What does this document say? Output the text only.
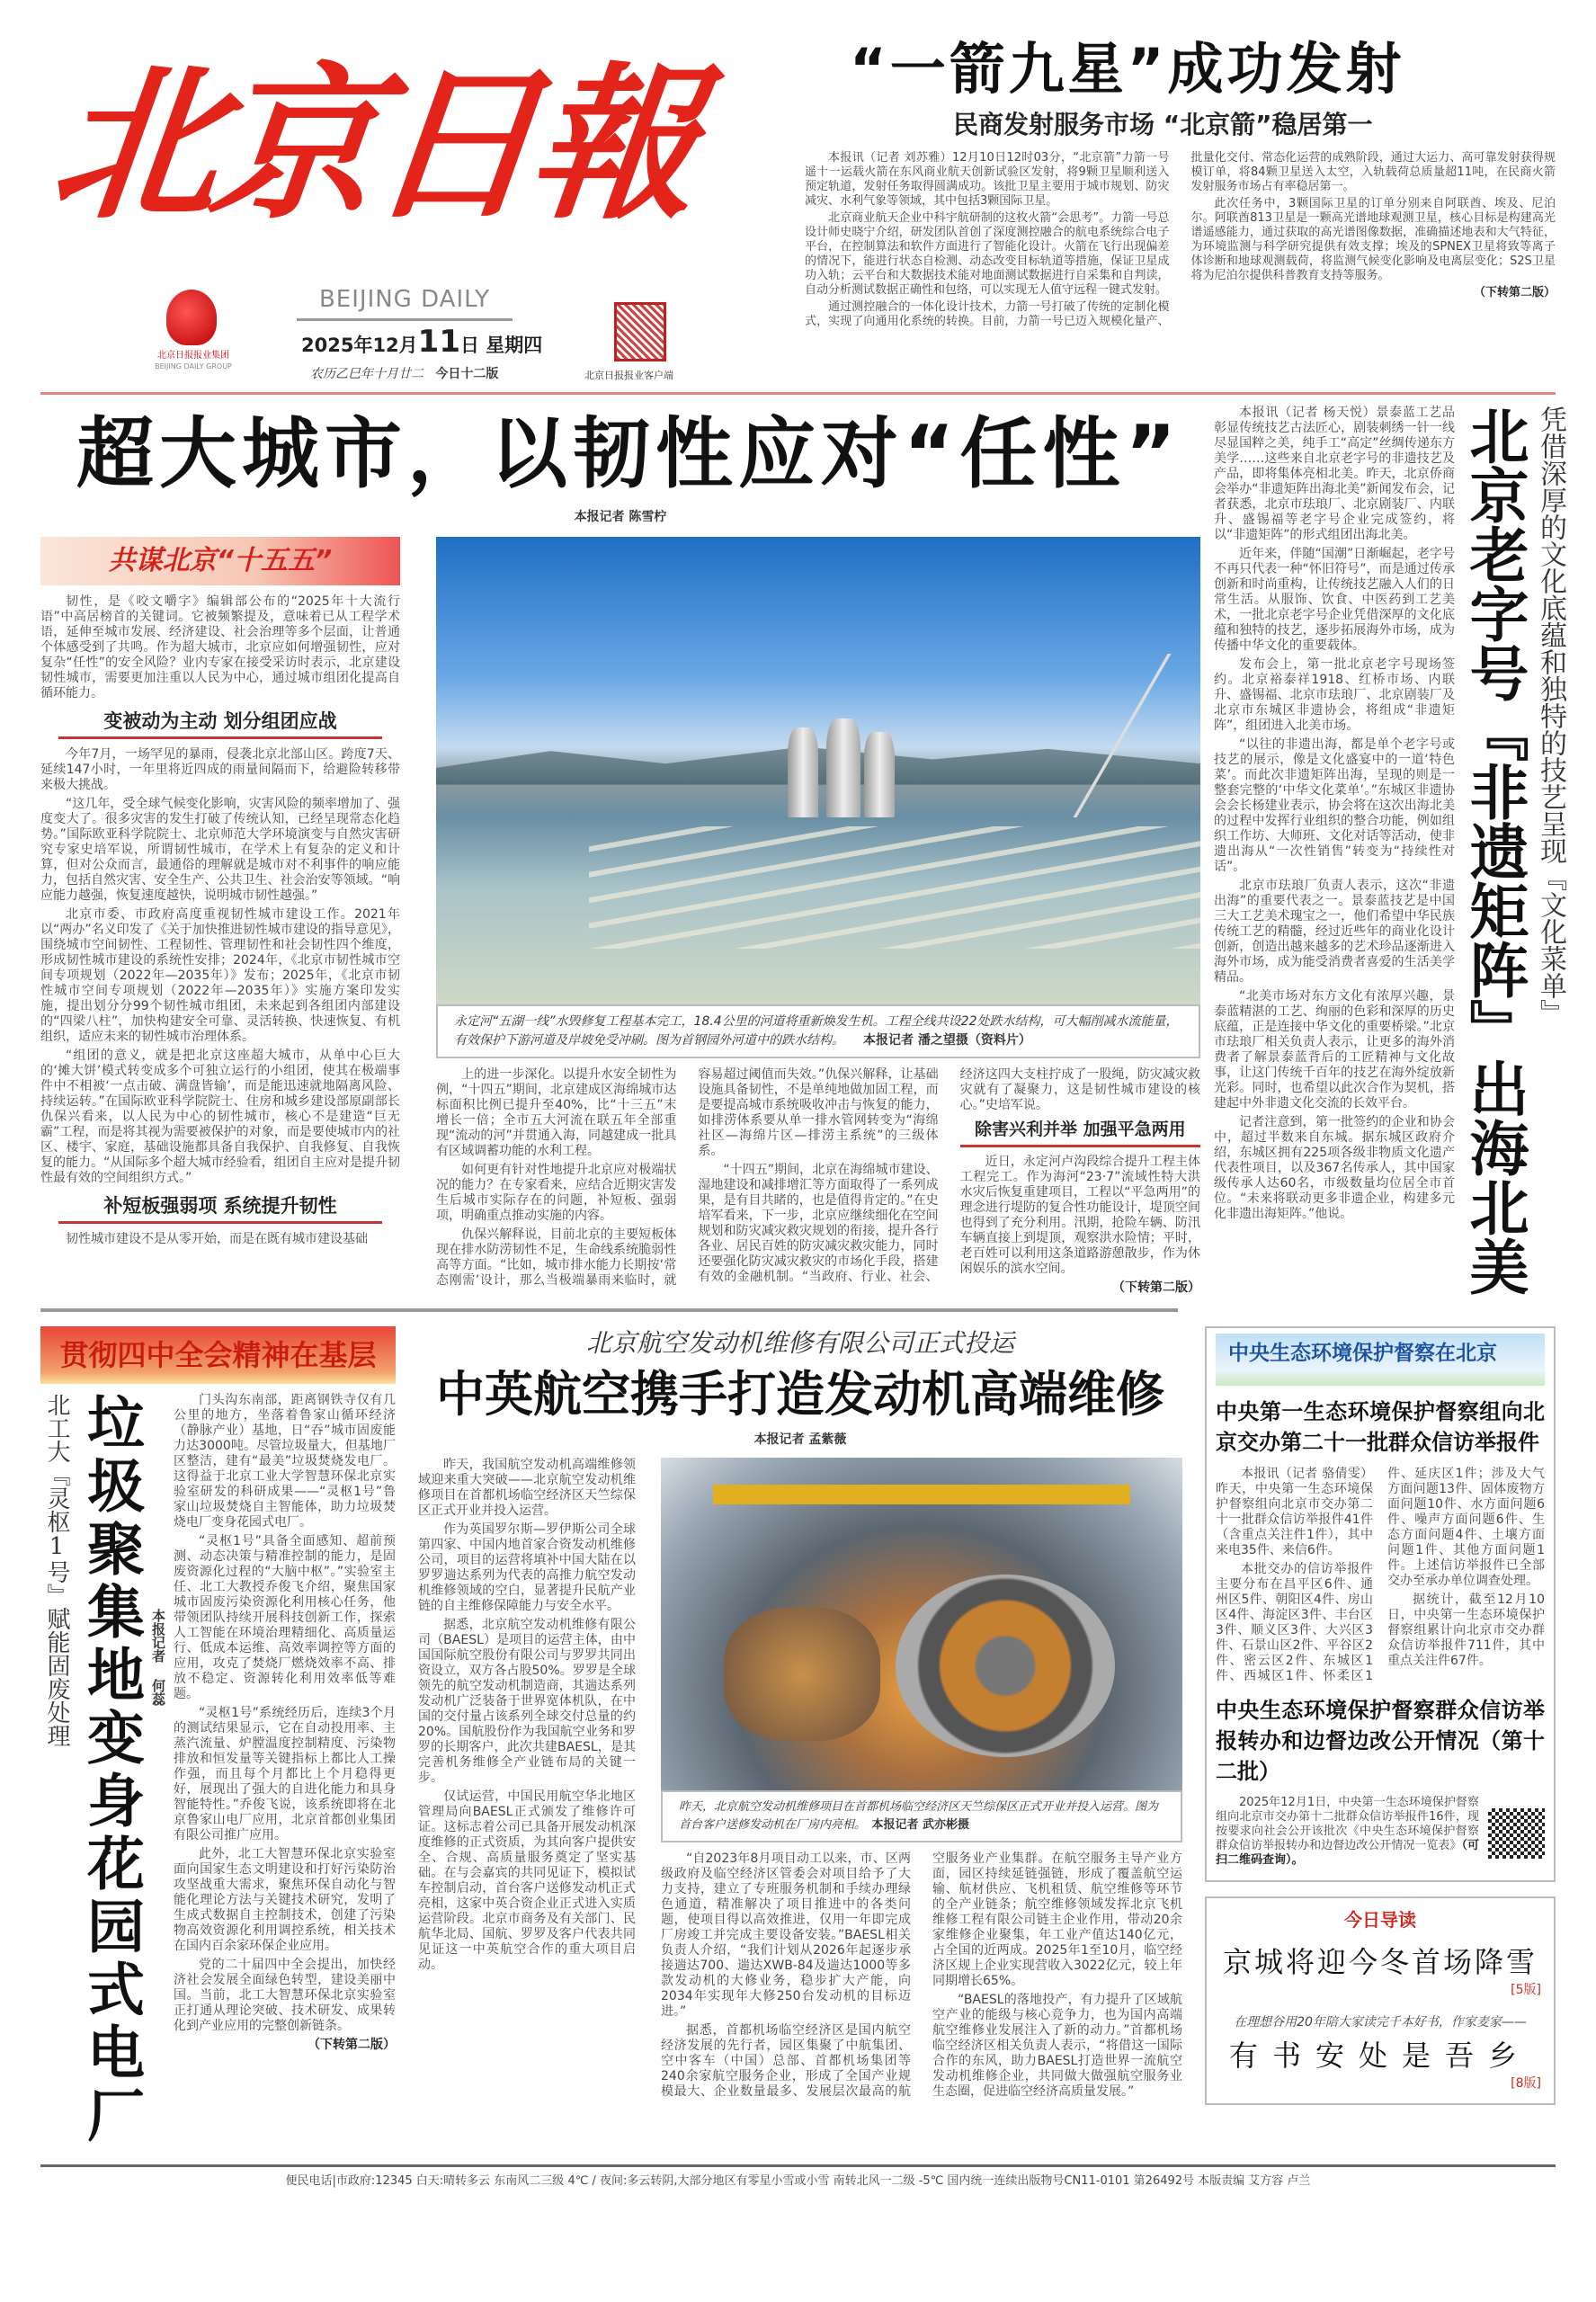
北京日報
北京日报报业集团
BEIJING DAILY GROUP
BEIJING DAILY
2025年12月11日 星期四
农历乙巳年十月廿二 今日十二版	北京日报报业客户端
“一箭九星”成功发射
民商发射服务市场 “北京箭”稳居第一

本报讯（记者 刘苏雅）12月10日12时03分，“北京箭”力箭一号遥十一运载火箭在东风商业航天创新试验区发射，将9颗卫星顺利送入预定轨道，发射任务取得圆满成功。该批卫星主要用于城市规划、防灾减灾、水利气象等领域，其中包括3颗国际卫星。

北京商业航天企业中科宇航研制的这枚火箭“会思考”。力箭一号总设计师史晓宁介绍，研发团队首创了深度测控融合的航电系统综合电子平台，在控制算法和软件方面进行了智能化设计。火箭在飞行出现偏差的情况下，能进行状态自检测、动态改变目标轨道等措施，保证卫星成功入轨；云平台和大数据技术能对地面测试数据进行自采集和自判读，自动分析测试数据正确性和包络，可以实现无人值守远程一键式发射。

通过测控融合的一体化设计技术，力箭一号打破了传统的定制化模式，实现了向通用化系统的转换。目前，力箭一号已迈入规模化量产、批量化交付、常态化运营的成熟阶段，通过大运力、高可靠发射获得规模订单，将84颗卫星送入太空，入轨载荷总质量超11吨，在民商火箭发射服务市场占有率稳居第一。

此次任务中，3颗国际卫星的订单分别来自阿联酋、埃及、尼泊尔。阿联酋813卫星是一颗高光谱地球观测卫星，核心目标是构建高光谱遥感能力，通过获取的高光谱图像数据，准确描述地表和大气特征，为环境监测与科学研究提供有效支撑；埃及的SPNEX卫星将致等离子体诊断和地球观测载荷，将监测气候变化影响及电离层变化；S2S卫星将为尼泊尔提供科普教育支持等服务。

（下转第二版）
超大城市，以韧性应对“任性”
本报记者 陈雪柠
共谋北京“十五五”

韧性，是《咬文嚼字》编辑部公布的“2025年十大流行语”中高居榜首的关键词。它被频繁提及，意味着已从工程学术语，延伸至城市发展、经济建设、社会治理等多个层面，让普通个体感受到了共鸣。作为超大城市，北京应如何增强韧性，应对复杂“任性”的安全风险？业内专家在接受采访时表示，北京建设韧性城市，需要更加注重以人民为中心，通过城市组团化提高自循环能力。

变被动为主动 划分组团应战

今年7月，一场罕见的暴雨，侵袭北京北部山区。跨度7天、延续147小时，一年里将近四成的雨量间隔而下，给避险转移带来极大挑战。

“这几年，受全球气候变化影响，灾害风险的频率增加了、强度变大了。很多灾害的发生打破了传统认知，已经呈现常态化趋势。”国际欧亚科学院院士、北京师范大学环境演变与自然灾害研究专家史培军说，所谓韧性城市，在学术上有复杂的定义和计算，但对公众而言，最通俗的理解就是城市对不利事件的响应能力，包括自然灾害、安全生产、公共卫生、社会治安等领域。“响应能力越强，恢复速度越快，说明城市韧性越强。”

北京市委、市政府高度重视韧性城市建设工作。2021年以“两办”名义印发了《关于加快推进韧性城市建设的指导意见》，围绕城市空间韧性、工程韧性、管理韧性和社会韧性四个维度，形成韧性城市建设的系统性安排；2024年，《北京市韧性城市空间专项规划（2022年—2035年）》发布；2025年，《北京市韧性城市空间专项规划（2022年—2035年）》实施方案印发实施，提出划分分99个韧性城市组团，未来起到各组团内部建设的“四梁八柱”，加快构建安全可靠、灵活转换、快速恢复、有机组织，适应未来的韧性城市治理体系。

“组团的意义，就是把北京这座超大城市，从单中心巨大的‘摊大饼’模式转变成多个可独立运行的小组团，使其在极端事件中不相被‘一点击破、满盘皆输’，而是能迅速就地隔离风险、持续运转。”在国际欧亚科学院院士、住房和城乡建设部原副部长仇保兴看来，以人民为中心的韧性城市，核心不是建造“巨无霸”工程，而是将其视为需要被保护的对象，而是要使城市内的社区、楼宇、家庭，基础设施都具备自我保护、自我修复、自我恢复的能力。“从国际多个超大城市经验看，组团自主应对是提升韧性最有效的空间组织方式。”

补短板强弱项 系统提升韧性

韧性城市建设不是从零开始，而是在既有城市建设基础

永定河“五湖一线”水毁修复工程基本完工，18.4公里的河道将重新焕发生机。工程全线共设22处跌水结构，可大幅削减水流能量，有效保护下游河道及岸坡免受冲刷。图为首钢园外河道中的跌水结构。　　 本报记者 潘之望摄（资料片）

上的进一步深化。以提升水安全韧性为例，“十四五”期间，北京建成区海绵城市达标面积比例已提升至40%，比“十三五”末增长一倍；全市五大河流在联五年全部重现“流动的河”并贯通入海，同越建成一批具有区域调蓄功能的水利工程。

如何更有针对性地提升北京应对极端状况的能力？在专家看来，应结合近期灾害发生后城市实际存在的问题，补短板、强弱项，明确重点推动实施的内容。

仇保兴解释说，目前北京的主要短板体现在排水防涝韧性不足，生命线系统脆弱性高等方面。“比如，城市排水能力长期按‘常态刚需’设计，那么当极端暴雨来临时，就容易超过阈值而失效。”仇保兴解释，让基础设施具备韧性，不是单纯地做加固工程，而是要提高城市系统吸收冲击与恢复的能力，如排涝体系要从单一排水管网转变为“海绵社区—海绵片区—排涝主系统”的三级体系。

“十四五”期间，北京在海绵城市建设、湿地建设和减排增汇等方面取得了一系列成果，是有目共睹的，也是值得肯定的。”在史培军看来，下一步，北京应继续细化在空间规划和防灾减灾救灾规划的衔接，提升各行各业、居民百姓的防灾减灾救灾能力，同时还要强化防灾减灾救灾的市场化手段，搭建有效的金融机制。“当政府、行业、社会、经济这四大支柱拧成了一股绳，防灾减灾救灾就有了凝聚力，这是韧性城市建设的核心。”史培军说。

除害兴利并举 加强平急两用

近日，永定河卢沟段综合提升工程主体工程完工。作为海河“23·7”流域性特大洪水灾后恢复重建项目，工程以“平急两用”的理念进行堤防的复合性功能设计，堤顶空间也得到了充分利用。汛期，抢险车辆、防汛车辆直接上到堤顶，观察洪水险情；平时，老百姓可以利用这条道路游憩散步，作为休闲娱乐的滨水空间。

（下转第二版）

本报讯（记者 杨天悦）景泰蓝工艺品彰显传统技艺古法匠心，剧装刺绣一针一线尽显国粹之美，纯手工“高定”丝绸传递东方美学……这些来自北京老字号的非遗技艺及产品，即将集体亮相北美。昨天，北京侨商会举办“非遗矩阵出海北美”新闻发布会，记者获悉，北京市珐琅厂、北京剧装厂、内联升、盛锡福等老字号企业完成签约，将以“非遗矩阵”的形式组团出海北美。

近年来，伴随“国潮”日渐崛起，老字号不再只代表一种“怀旧符号”，而是通过传承创新和时尚重构，让传统技艺融入人们的日常生活。从服饰、饮食、中医药到工艺美术，一批北京老字号企业凭借深厚的文化底蕴和独特的技艺，逐步拓展海外市场，成为传播中华文化的重要载体。

发布会上，第一批北京老字号现场签约。北京裕泰祥1918、红桥市场、内联升、盛锡福、北京市珐琅厂、北京剧装厂及北京市东城区非遗协会，将组成“非遗矩阵”，组团进入北美市场。

“以往的非遗出海，都是单个老字号或技艺的展示，像是文化盛宴中的一道‘特色菜’。而此次非遗矩阵出海，呈现的则是一整套完整的‘中华文化菜单’。”东城区非遗协会会长杨建业表示，协会将在这次出海北美的过程中发挥行业组织的整合功能，例如组织工作坊、大师班、文化对话等活动，使非遗出海从“一次性销售”转变为“持续性对话”。

北京市珐琅厂负责人表示，这次“非遗出海”的重要代表之一。景泰蓝技艺是中国三大工艺美术瑰宝之一，他们希望中华民族传统工艺的精髓，经过近些年的商业化设计创新，创造出越来越多的艺术珍品逐渐进入海外市场，成为能受消费者喜爱的生活美学精品。

“北美市场对东方文化有浓厚兴趣，景泰蓝精湛的工艺、绚丽的色彩和深厚的历史底蕴，正是连接中华文化的重要桥梁。”北京市珐琅厂相关负责人表示，让更多的海外消费者了解景泰蓝背后的工匠精神与文化故事，让这门传统千百年的技艺在海外绽放新光彩。同时，也希望以此次合作为契机，搭建起中外非遗文化交流的长效平台。

记者注意到，第一批签约的企业和协会中，超过半数来自东城。据东城区政府介绍，东城区拥有225项各级非物质文化遗产代表性项目，以及367名传承人，其中国家级传承人达60名，市级数量均位居全市首位。“未来将联动更多非遗企业，构建多元化非遗出海矩阵。”他说。	北京老字号『非遗矩阵』出海北美 凭借深厚的文化底蕴和独特的技艺呈现『文化菜单』
贯彻四中全会精神在基层
北工大『灵枢1号』赋能固废处理 垃圾聚集地变身花园式电厂 本报记者 何蕊

门头沟东南部，距离钢铁寺仅有几公里的地方，坐落着鲁家山循环经济（静脉产业）基地，日“吞”城市固废能力达3000吨。尽管垃圾量大，但基地厂区整洁，建有“最美”垃圾焚烧发电厂。这得益于北京工业大学智慧环保北京实验室研发的科研成果——“灵枢1号”鲁家山垃圾焚烧自主智能体，助力垃圾焚烧电厂变身花园式电厂。

“灵枢1号”具备全面感知、超前预测、动态决策与精准控制的能力，是固废资源化过程的“大脑中枢”。”实验室主任、北工大教授乔俊飞介绍，聚焦国家城市固废污染资源化利用核心任务，他带领团队持续开展科技创新工作，探索人工智能在环境治理精细化、高质量运行、低成本运维、高效率调控等方面的应用，攻克了焚烧厂燃烧效率不高、排放不稳定、资源转化利用效率低等难题。

“灵枢1号”系统经历后，连续3个月的测试结果显示，它在自动投用率、主蒸汽流量、炉膛温度控制精度、污染物排放和恒发量等关键指标上都比人工操作强，而且每个月都比上个月稳得更好，展现出了强大的自进化能力和具身智能特性。”乔俊飞说，该系统即将在北京鲁家山电厂应用，北京首都创业集团有限公司推广应用。

此外，北工大智慧环保北京实验室面向国家生态文明建设和打好污染防治攻坚战重大需求，聚焦环保自动化与智能化理论方法与关键技术研究，发明了生成式数据自主控制技术，创建了污染物高效资源化利用调控系统，相关技术在国内百余家环保企业应用。

党的二十届四中全会提出，加快经济社会发展全面绿色转型，建设美丽中国。当前，北工大智慧环保北京实验室正打通从理论突破、技术研发、成果转化到产业应用的完整创新链条。

（下转第二版）
北京航空发动机维修有限公司正式投运
中英航空携手打造发动机高端维修
本报记者 孟紫薇

昨天，我国航空发动机高端维修领域迎来重大突破——北京航空发动机维修项目在首都机场临空经济区天竺综保区正式开业并投入运营。

作为英国罗尔斯—罗伊斯公司全球第四家、中国内地首家合资发动机维修公司，项目的运营将填补中国大陆在以罗罗遄达系列为代表的高推力航空发动机维修领域的空白，显著提升民航产业链的自主维修保障能力与安全水平。

据悉，北京航空发动机维修有限公司（BAESL）是项目的运营主体，由中国国际航空股份有限公司与罗罗共同出资设立，双方各占股50%。罗罗是全球领先的航空发动机制造商，其遄达系列发动机广泛装备于世界宽体机队，在中国的交付量占该系列全球交付总量的约20%。国航股份作为我国航空业务和罗罗的长期客户，此次共建BAESL，是其完善机务维修全产业链布局的关键一步。

仅试运营，中国民用航空华北地区管理局向BAESL正式颁发了维修许可证。这标志着公司已具备开展发动机深度维修的正式资质，为其向客户提供安全、合规、高质量服务奠定了坚实基础。在与会嘉宾的共同见证下，模拟试车控制启动，首台客户送修发动机正式亮相，这家中英合资企业正式进入实质运营阶段。北京市商务及有关部门、民航华北局、国航、罗罗及客户代表共同见证这一中英航空合作的重大项目启动。

昨天，北京航空发动机维修项目在首都机场临空经济区天竺综保区正式开业并投入运营。图为首台客户送修发动机在厂房内亮相。　 本报记者 武亦彬摄

“自2023年8月项目动工以来，市、区两级政府及临空经济区管委会对项目给予了大力支持，建立了专班服务机制和手续办理绿色通道，精准解决了项目推进中的各类问题，使项目得以高效推进，仅用一年即完成厂房竣工并完成主要设备安装。”BAESL相关负责人介绍，“我们计划从2026年起逐步承接遄达700、遄达XWB-84及遄达1000等多款发动机的大修业务，稳步扩大产能，向2034年实现年大修250台发动机的目标迈进。”

据悉，首都机场临空经济区是国内航空经济发展的先行者，园区集聚了中航集团、空中客车（中国）总部、首都机场集团等240余家航空服务企业，形成了全国产业规模最大、企业数量最多、发展层次最高的航空服务业产业集群。在航空服务主导产业方面，园区持续延链强链，形成了覆盖航空运输、航材供应、飞机租赁、航空维修等环节的全产业链条；航空维修领域发挥北京飞机维修工程有限公司链主企业作用，带动20余家维修企业聚集，年工业产值达140亿元，占全国的近两成。2025年1至10月，临空经济区规上企业实现营收入3022亿元，较上年同期增长65%。

“BAESL的落地投产，有力提升了区域航空产业的能级与核心竞争力，也为国内高端航空维修业发展注入了新的动力。”首都机场临空经济区相关负责人表示，“将借这一国际合作的东风，助力BAESL打造世界一流航空发动机维修企业，共同做大做强航空服务业生态圈，促进临空经济高质量发展。”

中央生态环境保护督察在北京
中央第一生态环境保护督察组向北京交办第二十一批群众信访举报件

本报讯（记者 骆倩雯）昨天，中央第一生态环境保护督察组向北京市交办第二十一批群众信访举报件41件（含重点关注件1件），其中来电35件、来信6件。

本批交办的信访举报件主要分布在昌平区6件、通州区5件、朝阳区4件、房山区4件、海淀区3件、丰台区3件、顺义区3件、大兴区3件、石景山区2件、平谷区2件、密云区2件、东城区1件、西城区1件、怀柔区1件、延庆区1件；涉及大气方面问题13件、固体废物方面问题10件、水方面问题6件、噪声方面问题6件、生态方面问题4件、土壤方面问题1件、其他方面问题1件。上述信访举报件已全部交办至承办单位调查处理。

据统计，截至12月10日，中央第一生态环境保护督察组累计向北京市交办群众信访举报件711件，其中重点关注件67件。

中央生态环境保护督察群众信访举报转办和边督边改公开情况（第十二批）

2025年12月1日，中央第一生态环境保护督察组向北京市交办第十二批群众信访举报件16件，现按要求向社会公开该批次《中央生态环境保护督察群众信访举报转办和边督边改公开情况一览表》（可扫二维码查询）。

今日导读
京城将迎今冬首场降雪
[5版]
在理想谷用20年陪大家读完千本好书，作家麦家——
有书安处是吾乡
[8版]
便民电话|市政府:12345 白天:晴转多云 东南风二三级 4℃ / 夜间:多云转阴,大部分地区有零星小雪或小雪 南转北风一二级 -5℃ 国内统一连续出版物号CN11-0101 第26492号 本版责编 艾方容 卢兰
